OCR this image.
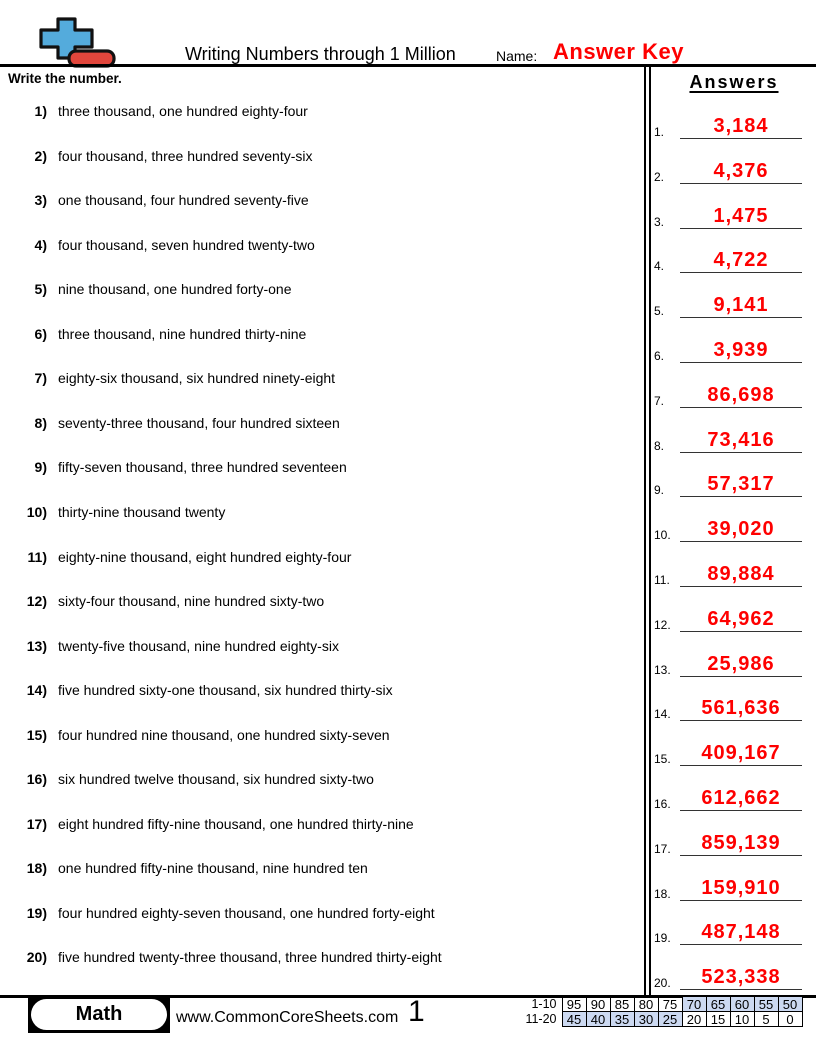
Writing Numbers through 1 Million	Name: Answer Key
Write the number.	Answers
1) three thousand, one hundred eighty-four
2) four thousand, three hundred seventy-six
3) one thousand, four hundred seventy-five
4) four thousand, seven hundred twenty-two
5) nine thousand, one hundred forty-one
6) three thousand, nine hundred thirty-nine
7) eighty-six thousand, six hundred ninety-eight
8) seventy-three thousand, four hundred sixteen
9) fifty-seven thousand, three hundred seventeen
10) thirty-nine thousand twenty
11) eighty-nine thousand, eight hundred eighty-four
12) sixty-four thousand, nine hundred sixty-two
13) twenty-five thousand, nine hundred eighty-six
14) five hundred sixty-one thousand, six hundred thirty-six
15) four hundred nine thousand, one hundred sixty-seven
16) six hundred twelve thousand, six hundred sixty-two
17) eight hundred fifty-nine thousand, one hundred thirty-nine
18) one hundred fifty-nine thousand, nine hundred ten
19) four hundred eighty-seven thousand, one hundred forty-eight
20) five hundred twenty-three thousand, three hundred thirty-eight
1.	3,184
2.	4,376
3.	1,475
4.	4,722
5.	9,141
6.	3,939
7.	86,698
8.	73,416
9.	57,317
10.	39,020
11.	89,884
12.	64,962
13.	25,986
14.	561,636
15.	409,167
16.	612,662
17.	859,139
18.	159,910
19.	487,148
20.	523,338
Math	www.CommonCoreSheets.com 1	1-10	95	90	85	80	75	70	65	60	55	50
11-20	45	40	35	30	25	20	15	10	5	0
